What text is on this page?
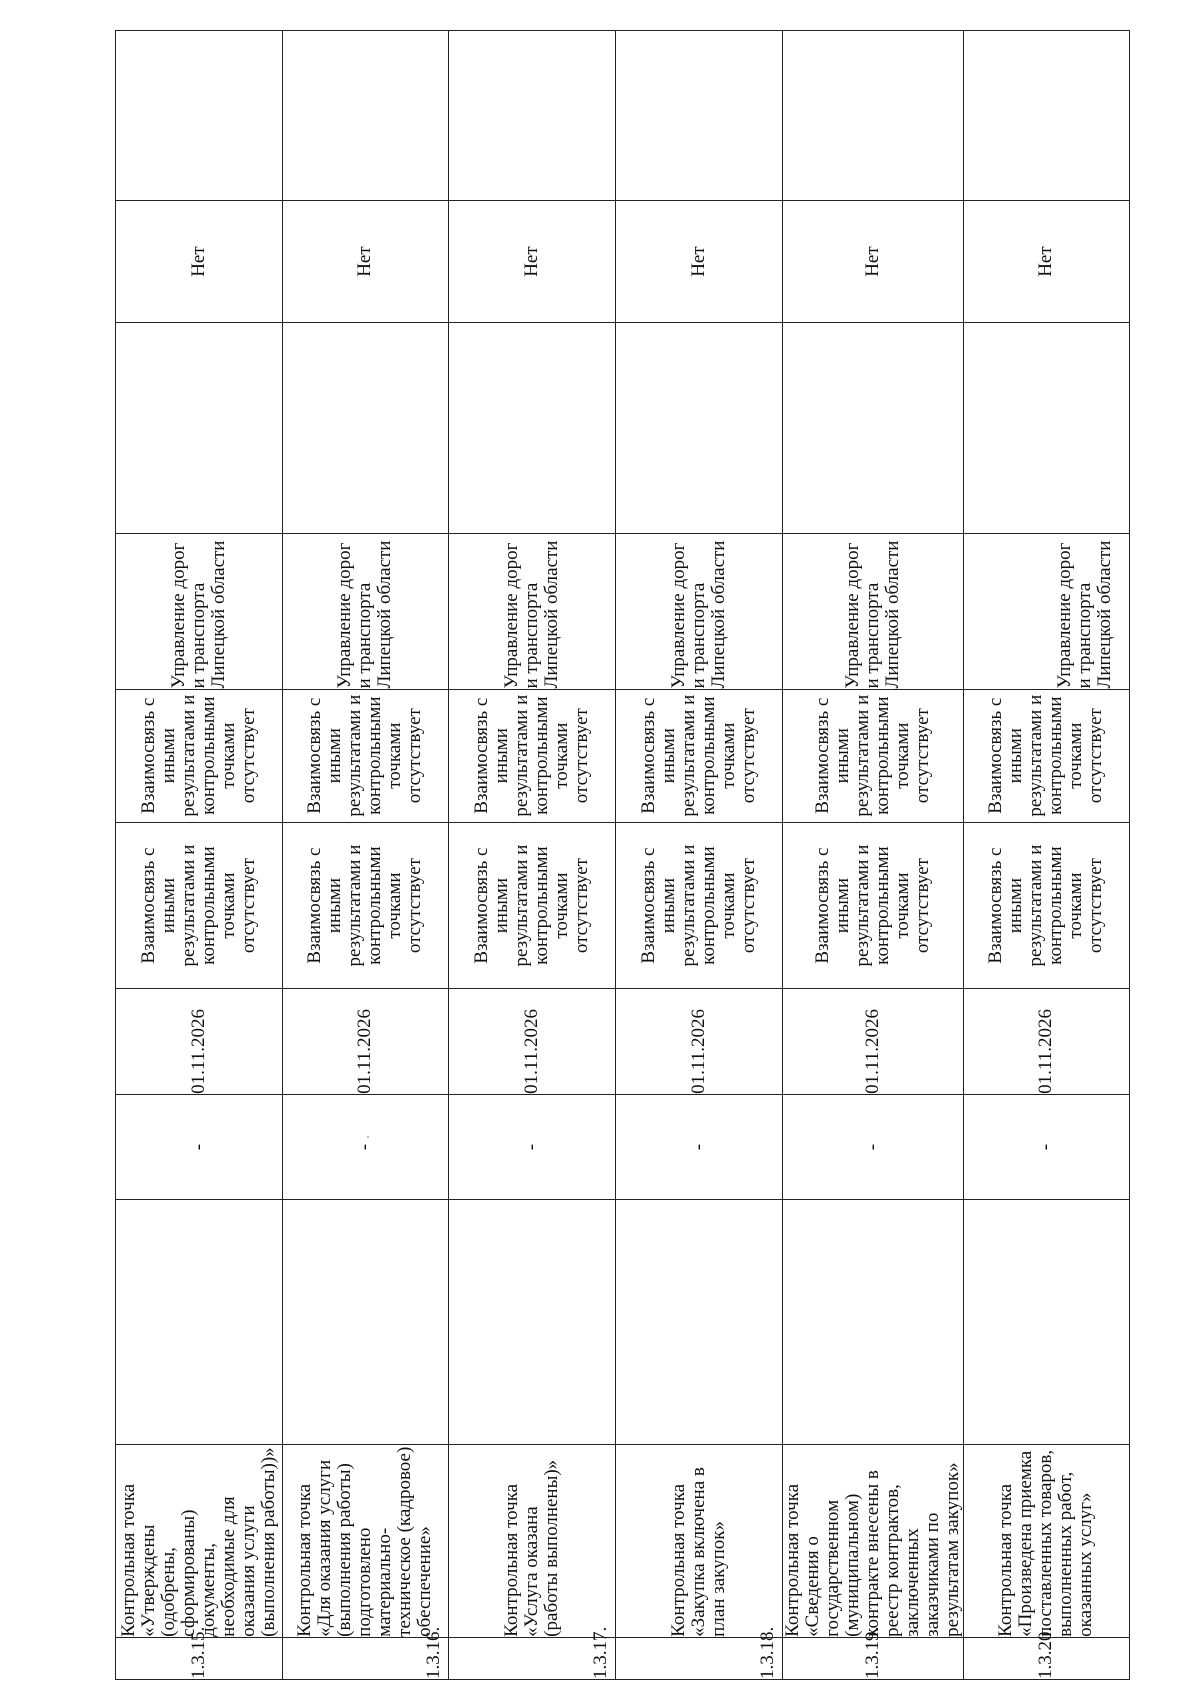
1.3.15.	Контрольная точка «Утверждены (одобрены, сформированы) документы, необходимые для оказания услуги (выполнения работы))»		-	01.11.2026	Взаимосвязь с иными результатами и контрольными точками отсутствует	Взаимосвязь с иными результатами и контрольными точками отсутствует	Управление дорог и транспорта Липецкой области		Нет	
1.3.16.	Контрольная точка «Для оказания услуги (выполнения работы) подготовлено материально-техническое (кадровое) обеспечение»		-	01.11.2026	Взаимосвязь с иными результатами и контрольными точками отсутствует	Взаимосвязь с иными результатами и контрольными точками отсутствует	Управление дорог и транспорта Липецкой области		Нет	
1.3.17.	Контрольная точка «Услуга оказана (работы выполнены)»		-	01.11.2026	Взаимосвязь с иными результатами и контрольными точками отсутствует	Взаимосвязь с иными результатами и контрольными точками отсутствует	Управление дорог и транспорта Липецкой области		Нет	
1.3.18.	Контрольная точка «Закупка включена в план закупок»		-	01.11.2026	Взаимосвязь с иными результатами и контрольными точками отсутствует	Взаимосвязь с иными результатами и контрольными точками отсутствует	Управление дорог и транспорта Липецкой области		Нет	
1.3.19.	Контрольная точка «Сведения о государственном (муниципальном) контракте внесены в реестр контрактов, заключенных заказчиками по результатам закупок»		-	01.11.2026	Взаимосвязь с иными результатами и контрольными точками отсутствует	Взаимосвязь с иными результатами и контрольными точками отсутствует	Управление дорог и транспорта Липецкой области		Нет	
1.3.20.	Контрольная точка «Произведена приемка поставленных товаров, выполненных работ, оказанных услуг»		-	01.11.2026	Взаимосвязь с иными результатами и контрольными точками отсутствует	Взаимосвязь с иными результатами и контрольными точками отсутствует	Управление дорог и транспорта Липецкой области		Нет	
